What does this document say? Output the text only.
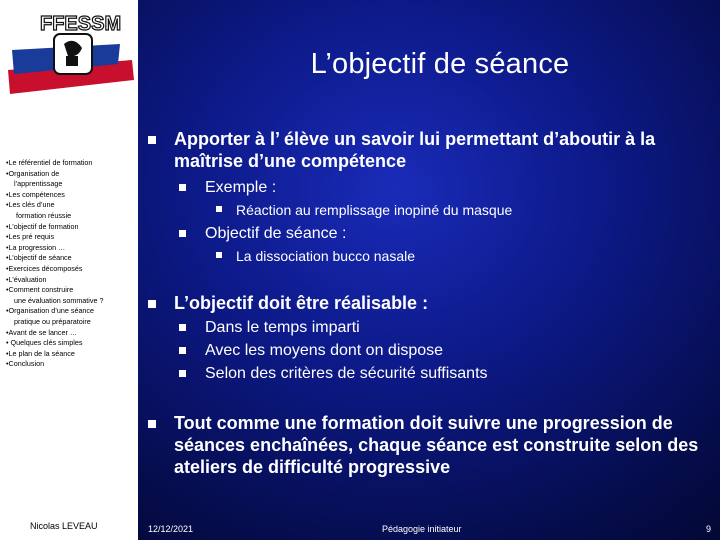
FFESSM
•Le référentiel de formation
•Organisation de
l’apprentissage
•Les compétences
•Les clés d’une
formation réussie
•L’objectif de formation
•Les pré requis
•La progression …
•L’objectif de séance
•Exercices décomposés
•L’évaluation
•Comment construire
une évaluation sommative ?
•Organisation d’une séance
pratique ou préparatoire
•Avant de se lancer …
• Quelques clés simples
•Le plan de la séance
•Conclusion
Nicolas LEVEAU
L’objectif de séance
Apporter à l’ élève un savoir lui permettant d’aboutir à la maîtrise d’une compétence
Exemple :
Réaction au remplissage inopiné du masque
Objectif de séance :
La dissociation bucco nasale
L’objectif doit être réalisable :
Dans le temps imparti
Avec les moyens dont on dispose
Selon des critères de sécurité suffisants
Tout comme une formation doit suivre une progression de séances enchaînées, chaque séance est construite selon des ateliers de difficulté progressive
12/12/2021	Pédagogie initiateur	9
